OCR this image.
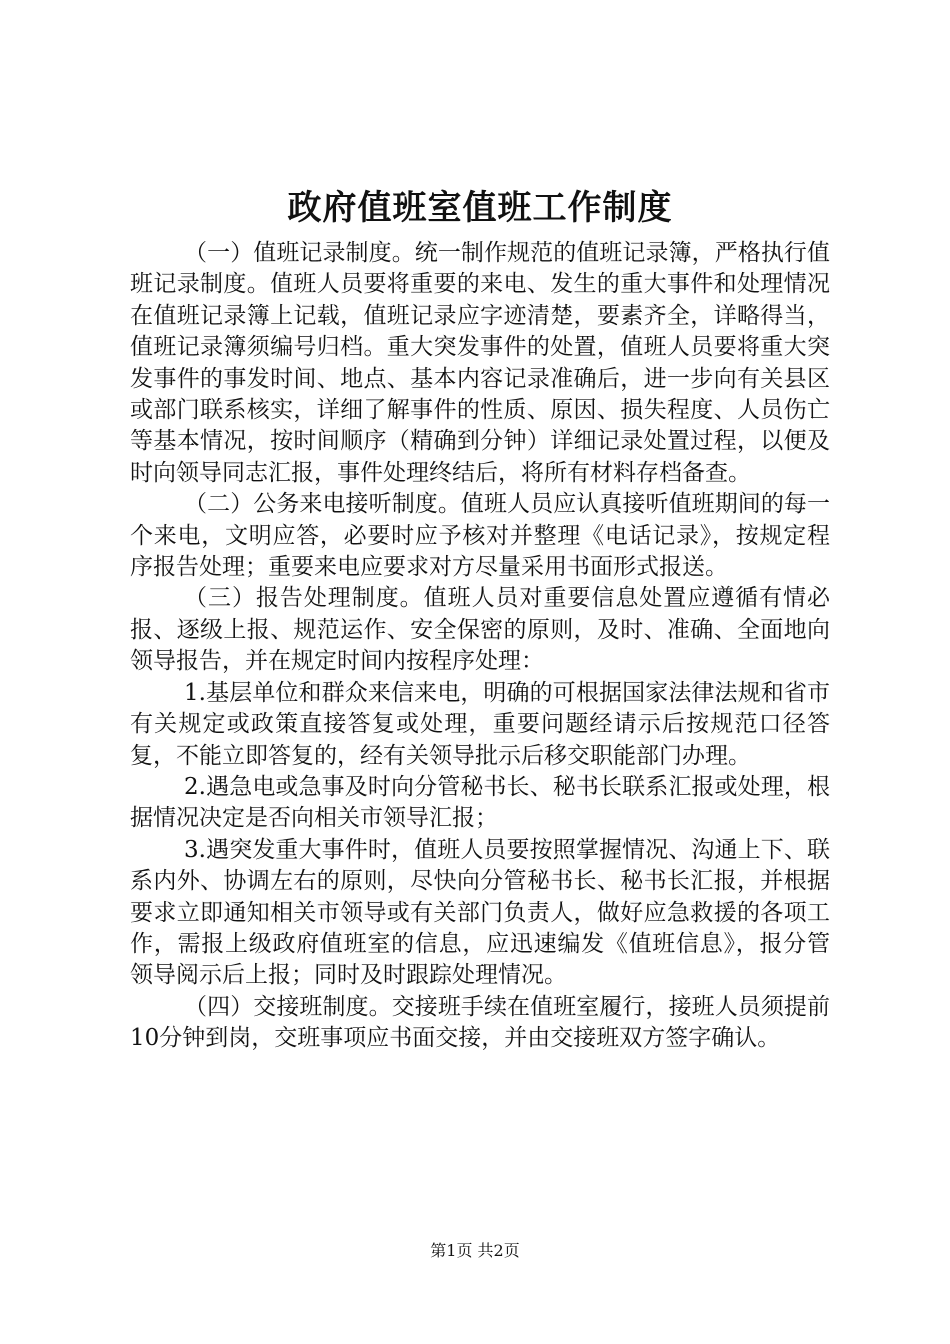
政府值班室值班工作制度

（一）值班记录制度。统一制作规范的值班记录簿，严格执行值班记录制度。值班人员要将重要的来电、发生的重大事件和处理情况在值班记录簿上记载，值班记录应字迹清楚，要素齐全，详略得当，值班记录簿须编号归档。重大突发事件的处置，值班人员要将重大突发事件的事发时间、地点、基本内容记录准确后，进一步向有关县区或部门联系核实，详细了解事件的性质、原因、损失程度、人员伤亡等基本情况，按时间顺序（精确到分钟）详细记录处置过程，以便及时向领导同志汇报，事件处理终结后，将所有材料存档备查。

（二）公务来电接听制度。值班人员应认真接听值班期间的每一个来电，文明应答，必要时应予核对并整理《电话记录》，按规定程序报告处理；重要来电应要求对方尽量采用书面形式报送。

（三）报告处理制度。值班人员对重要信息处置应遵循有情必报、逐级上报、规范运作、安全保密的原则，及时、准确、全面地向领导报告，并在规定时间内按程序处理：

1.基层单位和群众来信来电，明确的可根据国家法律法规和省市有关规定或政策直接答复或处理，重要问题经请示后按规范口径答复，不能立即答复的，经有关领导批示后移交职能部门办理。

2.遇急电或急事及时向分管秘书长、秘书长联系汇报或处理，根据情况决定是否向相关市领导汇报；

3.遇突发重大事件时，值班人员要按照掌握情况、沟通上下、联系内外、协调左右的原则，尽快向分管秘书长、秘书长汇报，并根据要求立即通知相关市领导或有关部门负责人，做好应急救援的各项工作，需报上级政府值班室的信息，应迅速编发《值班信息》，报分管领导阅示后上报；同时及时跟踪处理情况。

（四）交接班制度。交接班手续在值班室履行，接班人员须提前10分钟到岗，交班事项应书面交接，并由交接班双方签字确认。

第1页 共2页
